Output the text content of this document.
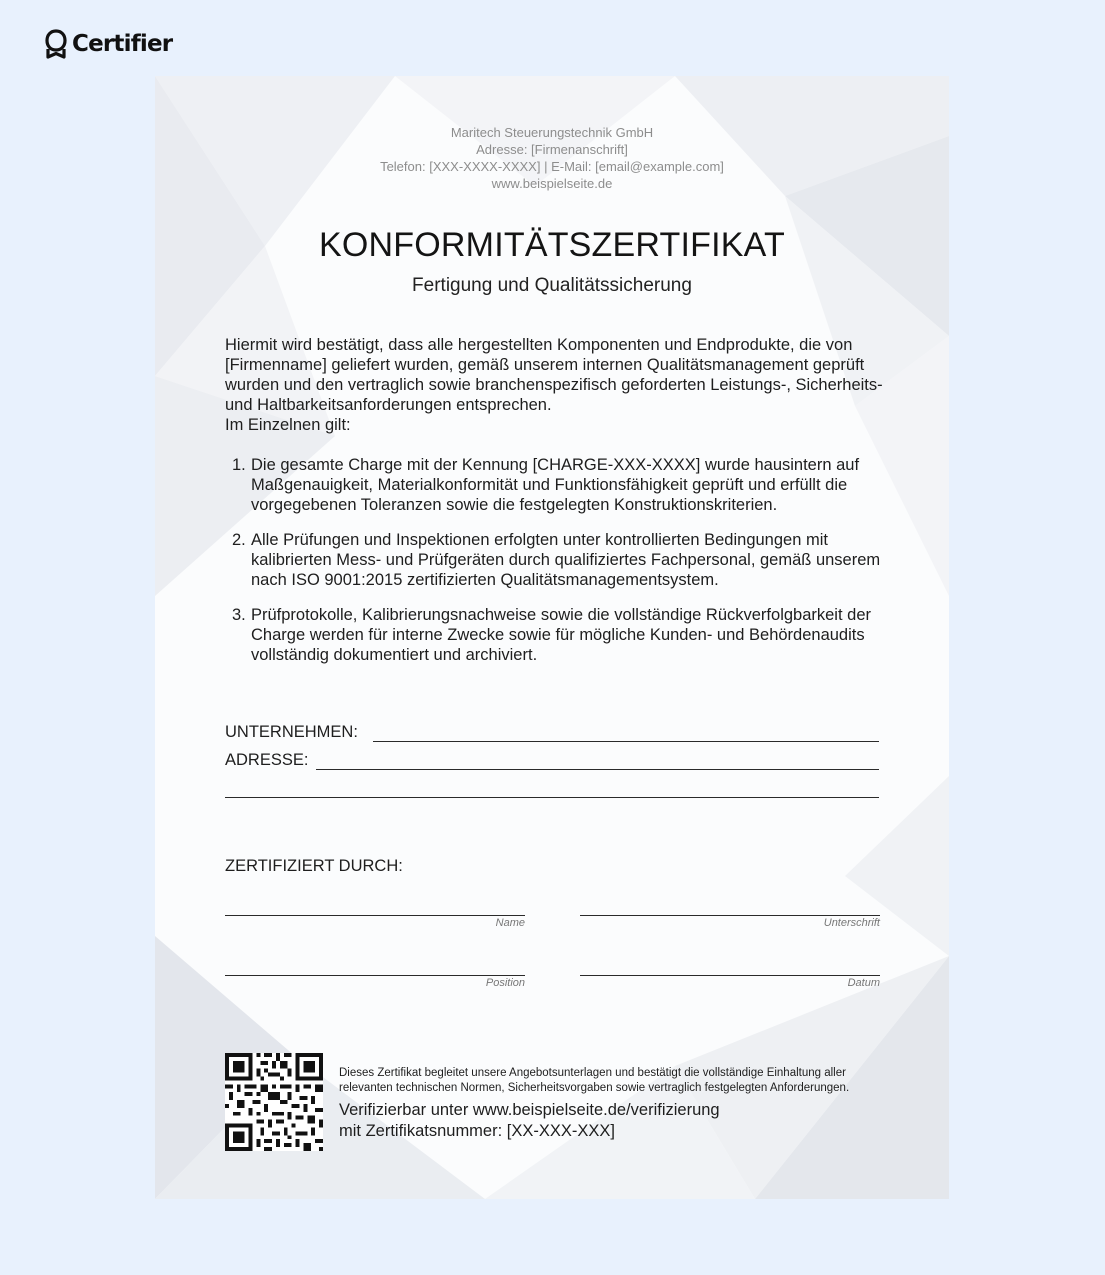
Certifier
Maritech Steuerungstechnik GmbH
Adresse: [Firmenanschrift]
Telefon: [XXX-XXXX-XXXX] | E-Mail: [email@example.com]
www.beispielseite.de
KONFORMITÄTSZERTIFIKAT
Fertigung und Qualitätssicherung

Hiermit wird bestätigt, dass alle hergestellten Komponenten und Endprodukte, die von [Firmenname] geliefert wurden, gemäß unserem internen Qualitätsmanagement geprüft wurden und den vertraglich sowie branchenspezifisch geforderten Leistungs-, Sicherheits- und Haltbarkeitsanforderungen entsprechen.

Im Einzelnen gilt:

1. Die gesamte Charge mit der Kennung [CHARGE-XXX-XXXX] wurde hausintern auf Maßgenauigkeit, Materialkonformität und Funktionsfähigkeit geprüft und erfüllt die vorgegebenen Toleranzen sowie die festgelegten Konstruktionskriterien.
2. Alle Prüfungen und Inspektionen erfolgten unter kontrollierten Bedingungen mit kalibrierten Mess- und Prüfgeräten durch qualifiziertes Fachpersonal, gemäß unserem nach ISO 9001:2015 zertifizierten Qualitätsmanagementsystem.
3. Prüfprotokolle, Kalibrierungsnachweise sowie die vollständige Rückverfolgbarkeit der Charge werden für interne Zwecke sowie für mögliche Kunden- und Behördenaudits vollständig dokumentiert und archiviert.
UNTERNEHMEN:
ADRESSE:
ZERTIFIZIERT DURCH:
Name	Unterschrift
Position	Datum
Dieses Zertifikat begleitet unsere Angebotsunterlagen und bestätigt die vollständige Einhaltung aller relevanten technischen Normen, Sicherheitsvorgaben sowie vertraglich festgelegten Anforderungen.
Verifizierbar unter www.beispielseite.de/verifizierung
mit Zertifikatsnummer: [XX-XXX-XXX]
